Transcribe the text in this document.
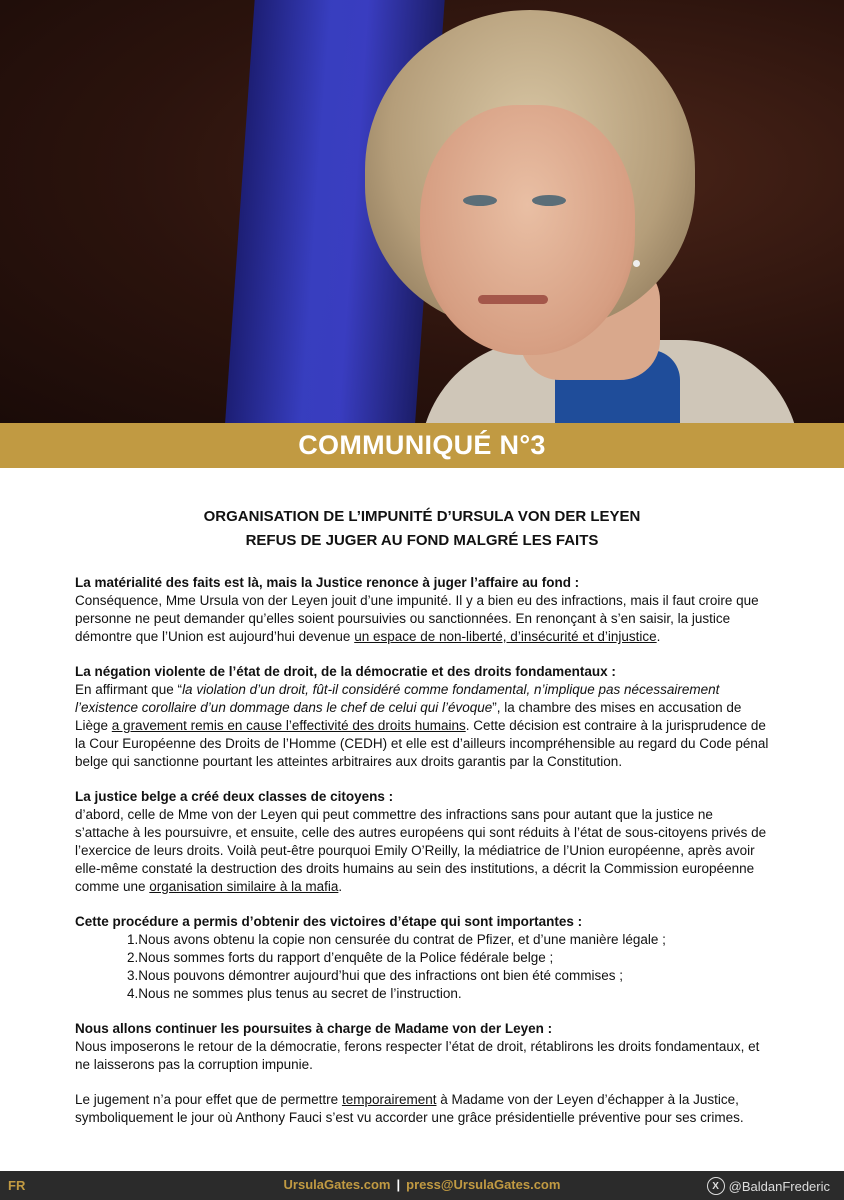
COMMUNIQUÉ N°3
ORGANISATION DE L’IMPUNITÉ D’URSULA VON DER LEYEN
REFUS DE JUGER AU FOND MALGRÉ LES FAITS

La matérialité des faits est là, mais la Justice renonce à juger l’affaire au fond :

Conséquence, Mme Ursula von der Leyen jouit d’une impunité. Il y a bien eu des infractions, mais il faut croire que personne ne peut demander qu’elles soient poursuivies ou sanctionnées. En renonçant à s’en saisir, la justice démontre que l’Union est aujourd’hui devenue un espace de non-liberté, d’insécurité et d’injustice.

La négation violente de l’état de droit, de la démocratie et des droits fondamentaux :

En affirmant que “la violation d’un droit, fût-il considéré comme fondamental, n’implique pas nécessairement l’existence corollaire d’un dommage dans le chef de celui qui l’évoque”, la chambre des mises en accusation de Liège a gravement remis en cause l’effectivité des droits humains. Cette décision est contraire à la jurisprudence de la Cour Européenne des Droits de l’Homme (CEDH) et elle est d’ailleurs incompréhensible au regard du Code pénal belge qui sanctionne pourtant les atteintes arbitraires aux droits garantis par la Constitution.

La justice belge a créé deux classes de citoyens :

d’abord, celle de Mme von der Leyen qui peut commettre des infractions sans pour autant que la justice ne s’attache à les poursuivre, et ensuite, celle des autres européens qui sont réduits à l’état de sous-citoyens privés de l’exercice de leurs droits. Voilà peut-être pourquoi Emily O’Reilly, la médiatrice de l’Union européenne, après avoir elle-même constaté la destruction des droits humains au sein des institutions, a décrit la Commission européenne comme une organisation similaire à la mafia.

Cette procédure a permis d’obtenir des victoires d’étape qui sont importantes :

1.Nous avons obtenu la copie non censurée du contrat de Pfizer, et d’une manière légale ;
2.Nous sommes forts du rapport d’enquête de la Police fédérale belge ;
3.Nous pouvons démontrer aujourd’hui que des infractions ont bien été commises ;
4.Nous ne sommes plus tenus au secret de l’instruction.

Nous allons continuer les poursuites à charge de Madame von der Leyen :

Nous imposerons le retour de la démocratie, ferons respecter l’état de droit, rétablirons les droits fondamentaux, et ne laisserons pas la corruption impunie.

Le jugement n’a pour effet que de permettre temporairement à Madame von der Leyen d’échapper à la Justice, symboliquement le jour où Anthony Fauci s’est vu accorder une grâce présidentielle préventive pour ses crimes.

FR	UrsulaGates.com | press@UrsulaGates.com	X @BaldanFrederic
